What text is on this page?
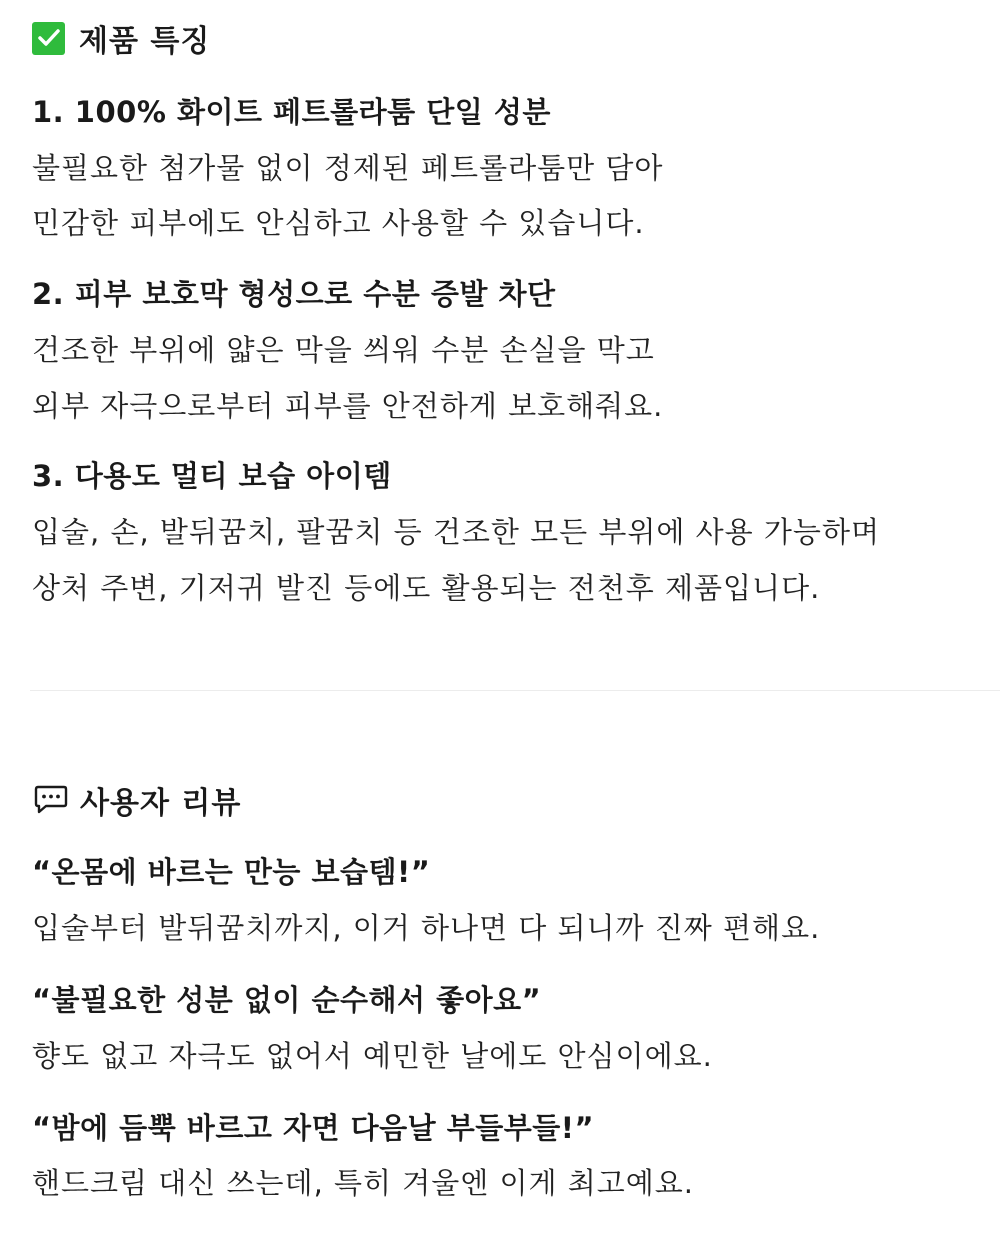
제품 특징
1. 100% 화이트 페트롤라툼 단일 성분
불필요한 첨가물 없이 정제된 페트롤라툼만 담아
민감한 피부에도 안심하고 사용할 수 있습니다.
2. 피부 보호막 형성으로 수분 증발 차단
건조한 부위에 얇은 막을 씌워 수분 손실을 막고
외부 자극으로부터 피부를 안전하게 보호해줘요.
3. 다용도 멀티 보습 아이템
입술, 손, 발뒤꿈치, 팔꿈치 등 건조한 모든 부위에 사용 가능하며
상처 주변, 기저귀 발진 등에도 활용되는 전천후 제품입니다.
사용자 리뷰
“온몸에 바르는 만능 보습템!”
입술부터 발뒤꿈치까지, 이거 하나면 다 되니까 진짜 편해요.
“불필요한 성분 없이 순수해서 좋아요”
향도 없고 자극도 없어서 예민한 날에도 안심이에요.
“밤에 듬뿍 바르고 자면 다음날 부들부들!”
핸드크림 대신 쓰는데, 특히 겨울엔 이게 최고예요.
